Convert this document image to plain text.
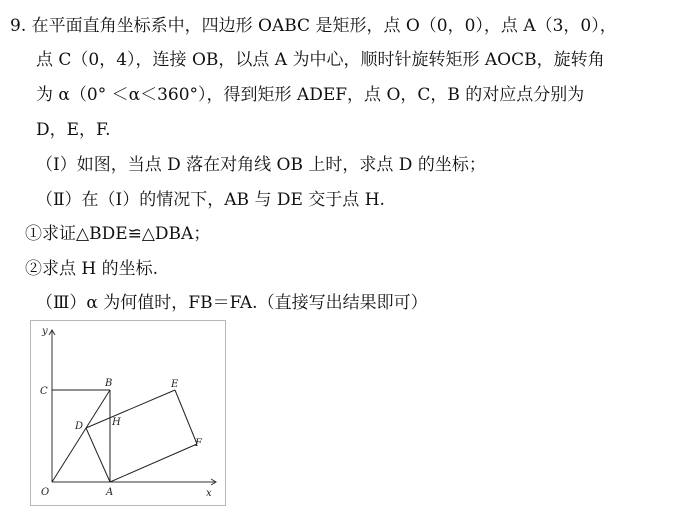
9. 在平面直角坐标系中，四边形 OABC 是矩形，点 O（0，0），点 A（3，0），
点 C（0，4），连接 OB，以点 A 为中心，顺时针旋转矩形 AOCB，旋转角
为 α（0° ＜α＜360°），得到矩形 ADEF，点 O，C，B 的对应点分别为
D，E，F.
（Ⅰ）如图，当点 D 落在对角线 OB 上时，求点 D 的坐标；
（Ⅱ）在（Ⅰ）的情况下，AB 与 DE 交于点 H.
①求证△BDE≌△DBA；
②求点 H 的坐标.
（Ⅲ）α 为何值时，FB＝FA.（直接写出结果即可）
y
x
O	A
B
C
D
E
F
H
